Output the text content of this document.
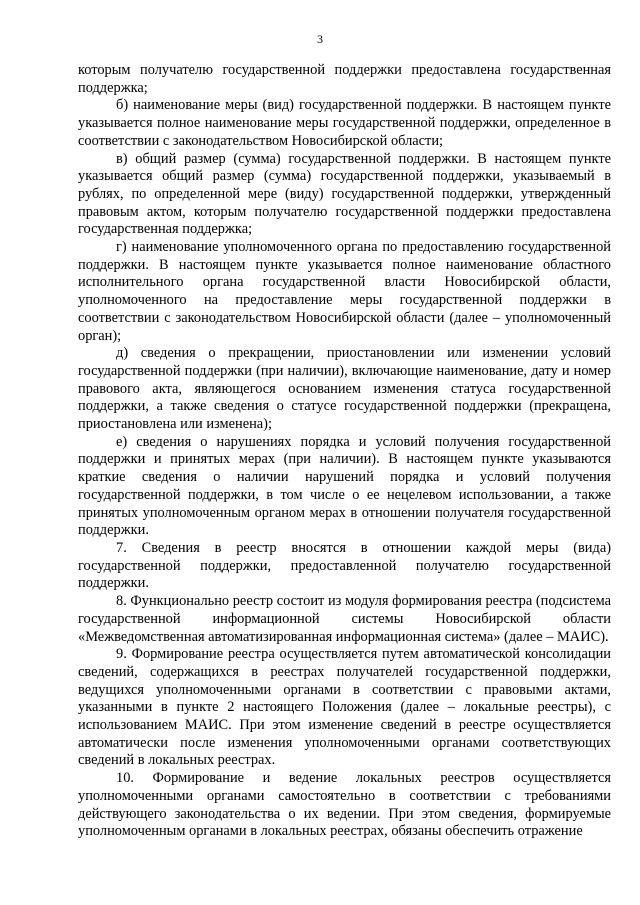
3

которым получателю государственной поддержки предоставлена государственная поддержка;

б) наименование меры (вид) государственной поддержки. В настоящем пункте указывается полное наименование меры государственной поддержки, определенное в соответствии с законодательством Новосибирской области;

в) общий размер (сумма) государственной поддержки. В настоящем пункте указывается общий размер (сумма) государственной поддержки, указываемый в рублях, по определенной мере (виду) государственной поддержки, утвержденный правовым актом, которым получателю государственной поддержки предоставлена государственная поддержка;

г) наименование уполномоченного органа по предоставлению государственной поддержки. В настоящем пункте указывается полное наименование областного исполнительного органа государственной власти Новосибирской области, уполномоченного на предоставление меры государственной поддержки в соответствии с законодательством Новосибирской области (далее – уполномоченный орган);

д) сведения о прекращении, приостановлении или изменении условий государственной поддержки (при наличии), включающие наименование, дату и номер правового акта, являющегося основанием изменения статуса государственной поддержки, а также сведения о статусе государственной поддержки (прекращена, приостановлена или изменена);

е) сведения о нарушениях порядка и условий получения государственной поддержки и принятых мерах (при наличии). В настоящем пункте указываются краткие сведения о наличии нарушений порядка и условий получения государственной поддержки, в том числе о ее нецелевом использовании, а также принятых уполномоченным органом мерах в отношении получателя государственной поддержки.

7. Сведения в реестр вносятся в отношении каждой меры (вида) государственной поддержки, предоставленной получателю государственной поддержки.

8. Функционально реестр состоит из модуля формирования реестра (подсистема государственной информационной системы Новосибирской области «Межведомственная автоматизированная информационная система» (далее – МАИС).

9. Формирование реестра осуществляется путем автоматической консолидации сведений, содержащихся в реестрах получателей государственной поддержки, ведущихся уполномоченными органами в соответствии с правовыми актами, указанными в пункте 2 настоящего Положения (далее – локальные реестры), с использованием МАИС. При этом изменение сведений в реестре осуществляется автоматически после изменения уполномоченными органами соответствующих сведений в локальных реестрах.

10. Формирование и ведение локальных реестров осуществляется уполномоченными органами самостоятельно в соответствии с требованиями действующего законодательства о их ведении. При этом сведения, формируемые уполномоченным органами в локальных реестрах, обязаны обеспечить отражение
